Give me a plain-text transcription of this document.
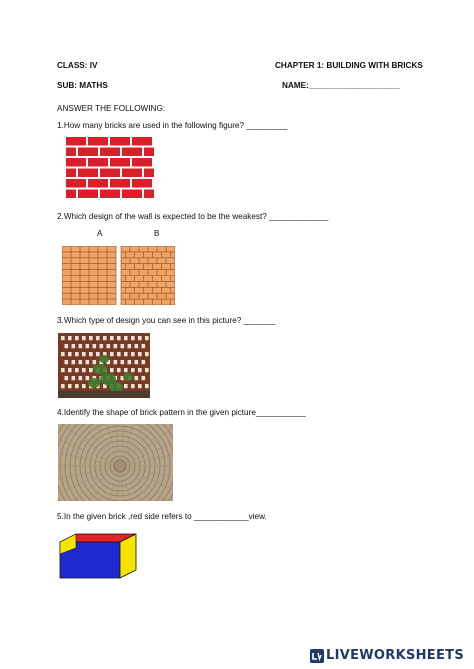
CLASS: IV	CHAPTER 1: BUILDING WITH BRICKS
SUB: MATHS	NAME:____________________
ANSWER THE FOLLOWING:
1.How many bricks are used in the following figure? _________
2.Which design of the wall is expected to be the weakest? _____________
A	B
3.Which type of design you can see in this picture? _______
4.Identify the shape of brick pattern in the given picture___________
5.In the given brick ,red side refers to ____________view.
LIVEWORKSHEETS
